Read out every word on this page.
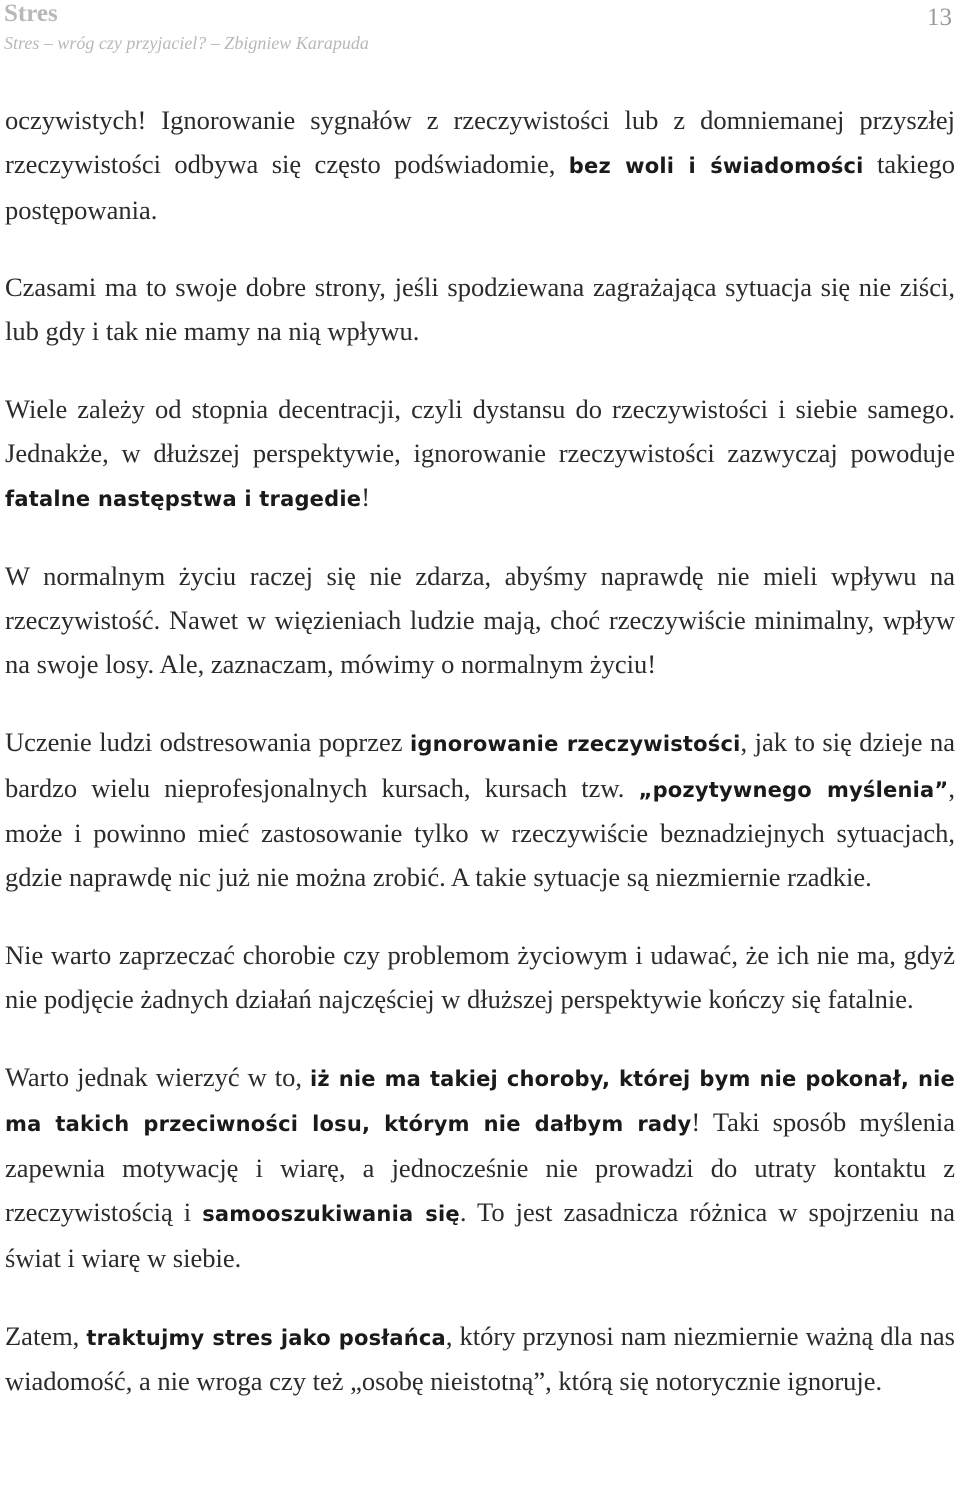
Stres
Stres – wróg czy przyjaciel? – Zbigniew Karapuda
13

oczywistych! Ignorowanie sygnałów z rzeczywistości lub z domniemanej przyszłej rzeczywistości odbywa się często podświadomie, bez woli i świadomości takiego postępowania.

Czasami ma to swoje dobre strony, jeśli spodziewana zagrażająca sytuacja się nie ziści, lub gdy i tak nie mamy na nią wpływu.

Wiele zależy od stopnia decentracji, czyli dystansu do rzeczywistości i siebie samego. Jednakże, w dłuższej perspektywie, ignorowanie rzeczywistości zazwyczaj powoduje fatalne następstwa i tragedie!

W normalnym życiu raczej się nie zdarza, abyśmy naprawdę nie mieli wpływu na rzeczywistość. Nawet w więzieniach ludzie mają, choć rzeczywiście minimalny, wpływ na swoje losy. Ale, zaznaczam, mówimy o normalnym życiu!

Uczenie ludzi odstresowania poprzez ignorowanie rzeczywistości, jak to się dzieje na bardzo wielu nieprofesjonalnych kursach, kursach tzw. „pozytywnego myślenia”, może i powinno mieć zastosowanie tylko w rzeczywiście beznadziejnych sytuacjach, gdzie naprawdę nic już nie można zrobić. A takie sytuacje są niezmiernie rzadkie.

Nie warto zaprzeczać chorobie czy problemom życiowym i udawać, że ich nie ma, gdyż nie podjęcie żadnych działań najczęściej w dłuższej perspektywie kończy się fatalnie.

Warto jednak wierzyć w to, iż nie ma takiej choroby, której bym nie pokonał, nie ma takich przeciwności losu, którym nie dałbym rady! Taki sposób myślenia zapewnia motywację i wiarę, a jednocześnie nie prowadzi do utraty kontaktu z rzeczywistością i samooszukiwania się. To jest zasadnicza różnica w spojrzeniu na świat i wiarę w siebie.

Zatem, traktujmy stres jako posłańca, który przynosi nam niezmiernie ważną dla nas wiadomość, a nie wroga czy też „osobę nieistotną”, którą się notorycznie ignoruje.
